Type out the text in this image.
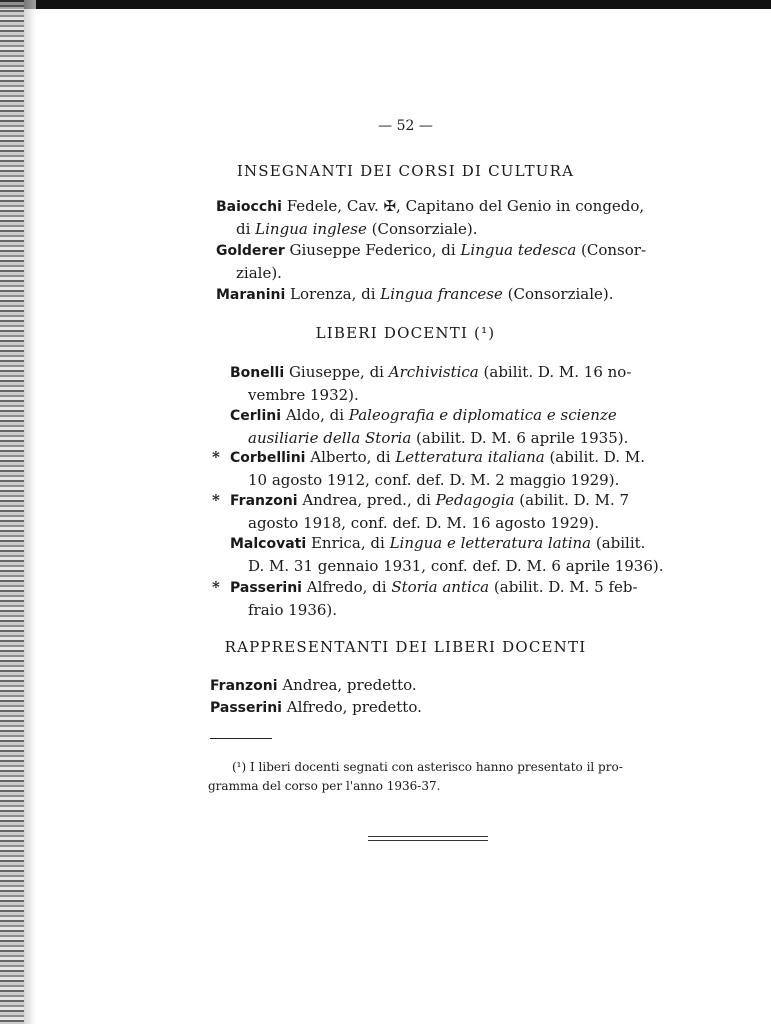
— 52 —
INSEGNANTI DEI CORSI DI CULTURA
Baiocchi Fedele, Cav. ✠, Capitano del Genio in congedo,
di Lingua inglese (Consorziale).
Golderer Giuseppe Federico, di Lingua tedesca (Consor-
ziale).
Maranini Lorenza, di Lingua francese (Consorziale).
LIBERI DOCENTI (¹)
Bonelli Giuseppe, di Archivistica (abilit. D. M. 16 no-
vembre 1932).
Cerlini Aldo, di Paleografia e diplomatica e scienze
ausiliarie della Storia (abilit. D. M. 6 aprile 1935).
* Corbellini Alberto, di Letteratura italiana (abilit. D. M.
10 agosto 1912, conf. def. D. M. 2 maggio 1929).
* Franzoni Andrea, pred., di Pedagogia (abilit. D. M. 7
agosto 1918, conf. def. D. M. 16 agosto 1929).
Malcovati Enrica, di Lingua e letteratura latina (abilit.
D. M. 31 gennaio 1931, conf. def. D. M. 6 aprile 1936).
* Passerini Alfredo, di Storia antica (abilit. D. M. 5 feb-
fraio 1936).
RAPPRESENTANTI DEI LIBERI DOCENTI
Franzoni Andrea, predetto.
Passerini Alfredo, predetto.
(¹) I liberi docenti segnati con asterisco hanno presentato il pro-
gramma del corso per l'anno 1936-37.
